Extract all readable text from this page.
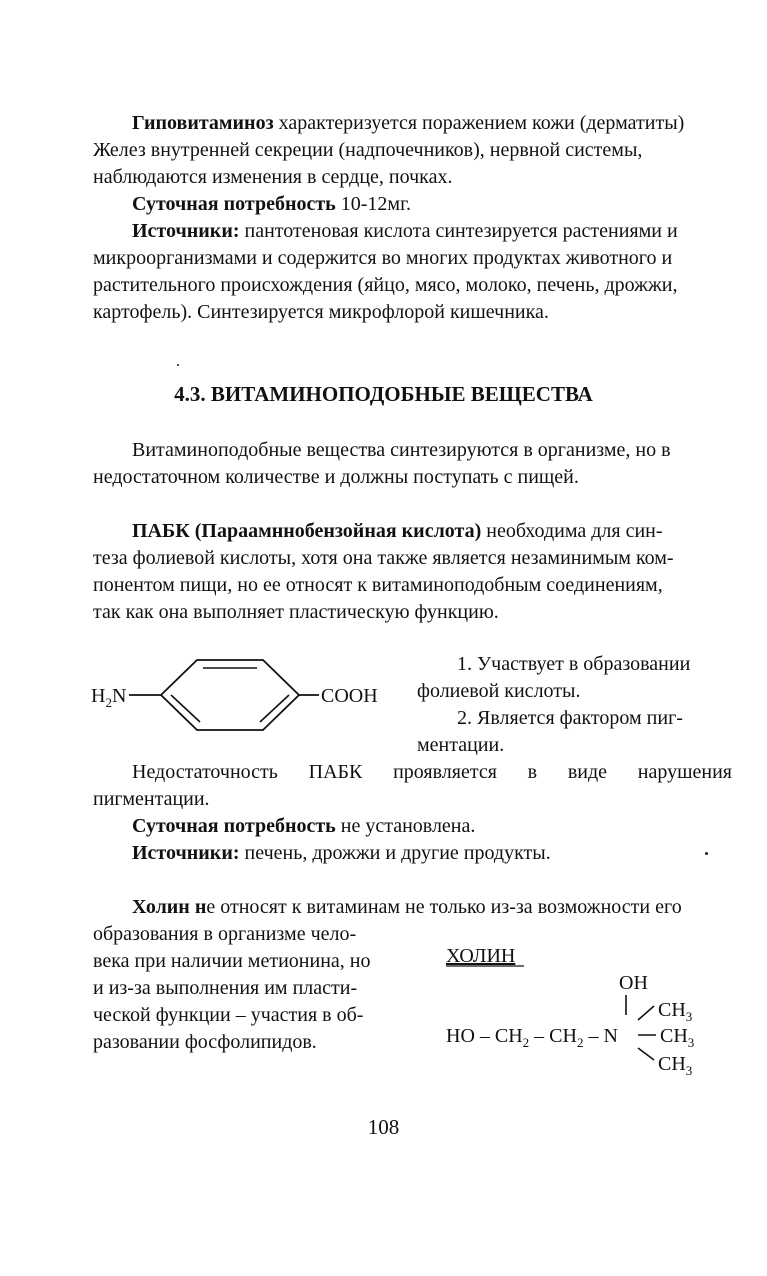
Гиповитаминоз характеризуется поражением кожи (дерматиты)
Желез внутренней секреции (надпочечников), нервной системы,
наблюдаются изменения в сердце, почках.
Суточная потребность 10-12мг.
Источники: пантотеновая кислота синтезируется растениями и
микроорганизмами и содержится во многих продуктах животного и
растительного происхождения (яйцо, мясо, молоко, печень, дрожжи,
картофель). Синтезируется микрофлорой кишечника.
4.3. ВИТАМИНОПОДОБНЫЕ ВЕЩЕСТВА
Витаминоподобные вещества синтезируются в организме, но в
недостаточном количестве и должны поступать с пищей.
ПАБК (Параамннобензойная кислота) необходима для син-
теза фолиевой кислоты, хотя она также является незаминимым ком-
понентом пищи, но ее относят к витаминоподобным соединениям,
так как она выполняет пластическую функцию.
$H_2N$	COOH
1. Участвует в образовании
фолиевой кислоты.
2. Является фактором пиг-
ментации.
Недостаточность ПАБК проявляется в виде нарушения
пигментации.
Суточная потребность не установлена.
Источники: печень, дрожжи и другие продукты.
Холин не относят к витаминам не только из-за возможности его
образования в организме чело-
века при наличии метионина, но
и из-за выполнения им пласти-
ческой функции – участия в об-
разовании фосфолипидов.
ХОЛИН
OH
$CH_3$
HO – $CH_2 - CH_2$ – N $CH_3$
$CH_3$
108
